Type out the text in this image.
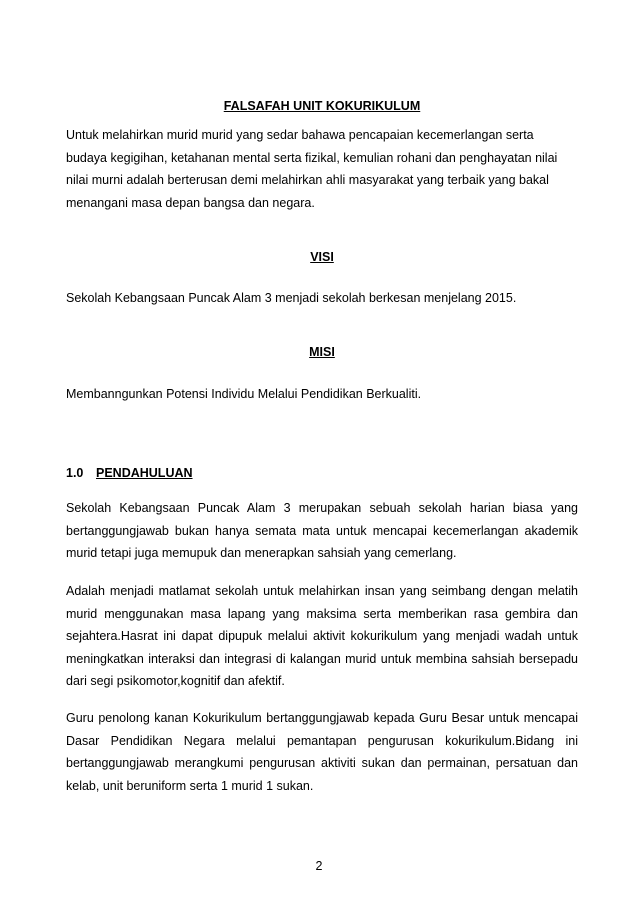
FALSAFAH UNIT KOKURIKULUM

Untuk melahirkan murid murid yang sedar bahawa pencapaian kecemerlangan serta budaya kegigihan, ketahanan mental serta fizikal, kemulian rohani dan penghayatan nilai nilai murni adalah berterusan demi melahirkan ahli masyarakat yang terbaik yang bakal menangani masa depan bangsa dan negara.

VISI

Sekolah Kebangsaan Puncak Alam 3 menjadi sekolah berkesan menjelang 2015.

MISI

Membanngunkan Potensi Individu Melalui Pendidikan Berkualiti.

1.0 PENDAHULUAN

Sekolah Kebangsaan Puncak Alam 3 merupakan sebuah sekolah harian biasa yang bertanggungjawab bukan hanya semata mata untuk mencapai kecemerlangan akademik murid tetapi juga memupuk dan menerapkan sahsiah yang cemerlang.

Adalah menjadi matlamat sekolah untuk melahirkan insan yang seimbang dengan melatih murid menggunakan masa lapang yang maksima serta memberikan rasa gembira dan sejahtera.Hasrat ini dapat dipupuk melalui aktivit kokurikulum yang menjadi wadah untuk meningkatkan interaksi dan integrasi di kalangan murid untuk membina sahsiah bersepadu dari segi psikomotor,kognitif dan afektif.

Guru penolong kanan Kokurikulum bertanggungjawab kepada Guru Besar untuk mencapai Dasar Pendidikan Negara melalui pemantapan pengurusan kokurikulum.Bidang ini bertanggungjawab merangkumi pengurusan aktiviti sukan dan permainan, persatuan dan kelab, unit beruniform serta 1 murid 1 sukan.

2
